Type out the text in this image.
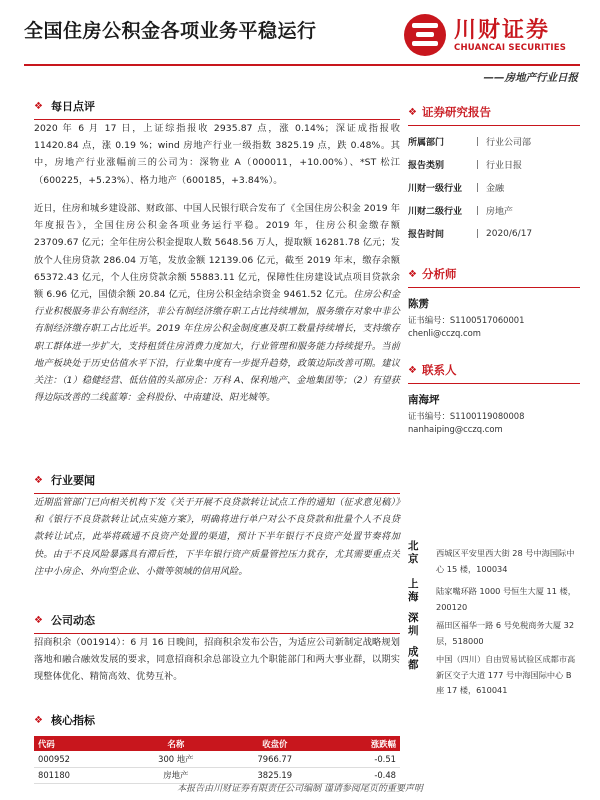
全国住房公积金各项业务平稳运行	川财证券
CHUANCAI SECURITIES
——房地产行业日报
❖ 每日点评
2020 年 6 月 17 日，上证综指报收 2935.87 点，涨 0.14%；深证成指报收 11420.84 点，涨 0.19 %；wind 房地产行业一级指数 3825.19 点，跌 0.48%。其中，房地产行业涨幅前三的公司为：深物业 A（000011，+10.00%）、*ST 松江（600225，+5.23%）、格力地产（600185，+3.84%）。
近日，住房和城乡建设部、财政部、中国人民银行联合发布了《全国住房公积金 2019 年年度报告》，全国住房公积金各项业务运行平稳。2019 年，住房公积金缴存额 23709.67 亿元；全年住房公积金提取人数 5648.56 万人，提取额 16281.78 亿元；发放个人住房贷款 286.04 万笔，发放金额 12139.06 亿元，截至 2019 年末，缴存余额 65372.43 亿元，个人住房贷款余额 55883.11 亿元，保障性住房建设试点项目贷款余额 6.96 亿元，国债余额 20.84 亿元，住房公积金结余资金 9461.52 亿元。住房公积金行业积极服务非公有制经济，非公有制经济缴存职工占比持续增加，服务缴存对象中非公有制经济缴存职工占比近半。2019 年住房公积金制度惠及职工数量持续增长，支持缴存职工群体进一步扩大，支持租赁住房消费力度加大，行业管理和服务能力持续提升。当前地产板块处于历史估值水平下沿，行业集中度有一步提升趋势，政策边际改善可期。建议关注：（1）稳健经营、低估值的头部房企：万科 A、保利地产、金地集团等；（2）有望获得边际改善的二线蓝筹：金科股份、中南建设、阳光城等。
❖ 行业要闻
近期监管部门已向相关机构下发《关于开展不良贷款转让试点工作的通知（征求意见稿）》和《银行不良贷款转让试点实施方案》，明确将进行单户对公不良贷款和批量个人不良贷款转让试点，此举将疏通不良资产处置的渠道，预计下半年银行不良资产处置节奏将加快。由于不良风险暴露具有滞后性，下半年银行资产质量管控压力犹存，尤其需要重点关注中小房企、外向型企业、小微等领域的信用风险。
❖ 公司动态
招商积余（001914）：6 月 16 日晚间，招商积余发布公告，为适应公司新制定战略规划落地和融合融效发展的要求，同意招商积余总部设立九个职能部门和两大事业群，以期实现整体优化、精简高效、优势互补。
❖ 核心指标
代码	名称	收盘价	涨跌幅
000952	300 地产	7966.77	-0.51
801180	房地产	3825.19	-0.48
本报告由川财证券有限责任公司编制 谨请参阅尾页的重要声明
❖ 证券研究报告
所属部门	| 行业公司部
报告类别	| 行业日报
川财一级行业	| 金融
川财二级行业	| 房地产
报告时间	| 2020/6/17
❖ 分析师
陈雳
证书编号：S1100517060001
chenli@cczq.com
❖ 联系人
南海坪
证书编号：S1100119080008
nanhaiping@cczq.com
北京	西城区平安里西大街 28 号中海国际中心 15 楼，100034
上海	陆家嘴环路 1000 号恒生大厦 11 楼，200120
深圳	福田区福华一路 6 号免税商务大厦 32 层，518000
成都	中国（四川）自由贸易试验区成都市高新区交子大道 177 号中海国际中心 B 座 17 楼，610041
